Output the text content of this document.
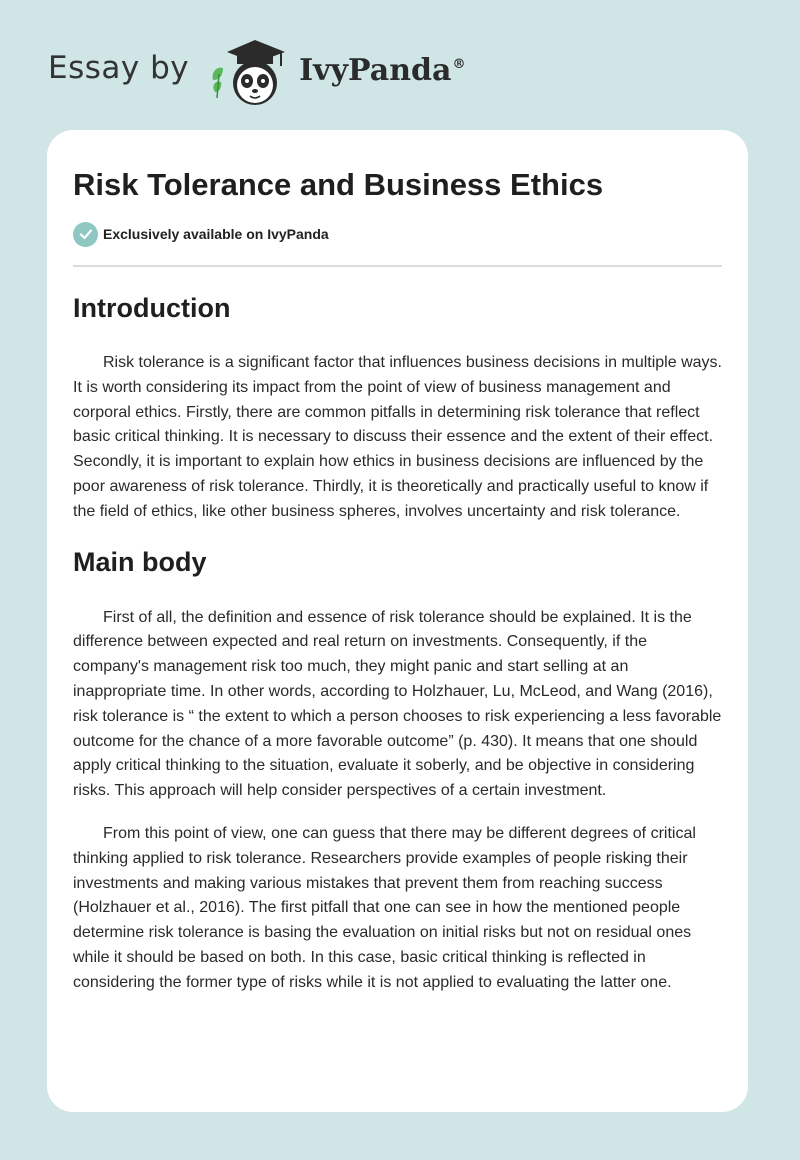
Essay by	IvyPanda®
Risk Tolerance and Business Ethics
Exclusively available on IvyPanda
Introduction

Risk tolerance is a significant factor that influences business decisions in multiple ways. It is worth considering its impact from the point of view of business management and corporal ethics. Firstly, there are common pitfalls in determining risk tolerance that reflect basic critical thinking. It is necessary to discuss their essence and the extent of their effect. Secondly, it is important to explain how ethics in business decisions are influenced by the poor awareness of risk tolerance. Thirdly, it is theoretically and practically useful to know if the field of ethics, like other business spheres, involves uncertainty and risk tolerance.

Main body

First of all, the definition and essence of risk tolerance should be explained. It is the difference between expected and real return on investments. Consequently, if the company's management risk too much, they might panic and start selling at an inappropriate time. In other words, according to Holzhauer, Lu, McLeod, and Wang (2016), risk tolerance is “ the extent to which a person chooses to risk experiencing a less favorable outcome for the chance of a more favorable outcome” (p. 430). It means that one should apply critical thinking to the situation, evaluate it soberly, and be objective in considering risks. This approach will help consider perspectives of a certain investment.

From this point of view, one can guess that there may be different degrees of critical thinking applied to risk tolerance. Researchers provide examples of people risking their investments and making various mistakes that prevent them from reaching success (Holzhauer et al., 2016). The first pitfall that one can see in how the mentioned people determine risk tolerance is basing the evaluation on initial risks but not on residual ones while it should be based on both. In this case, basic critical thinking is reflected in considering the former type of risks while it is not applied to evaluating the latter one.
